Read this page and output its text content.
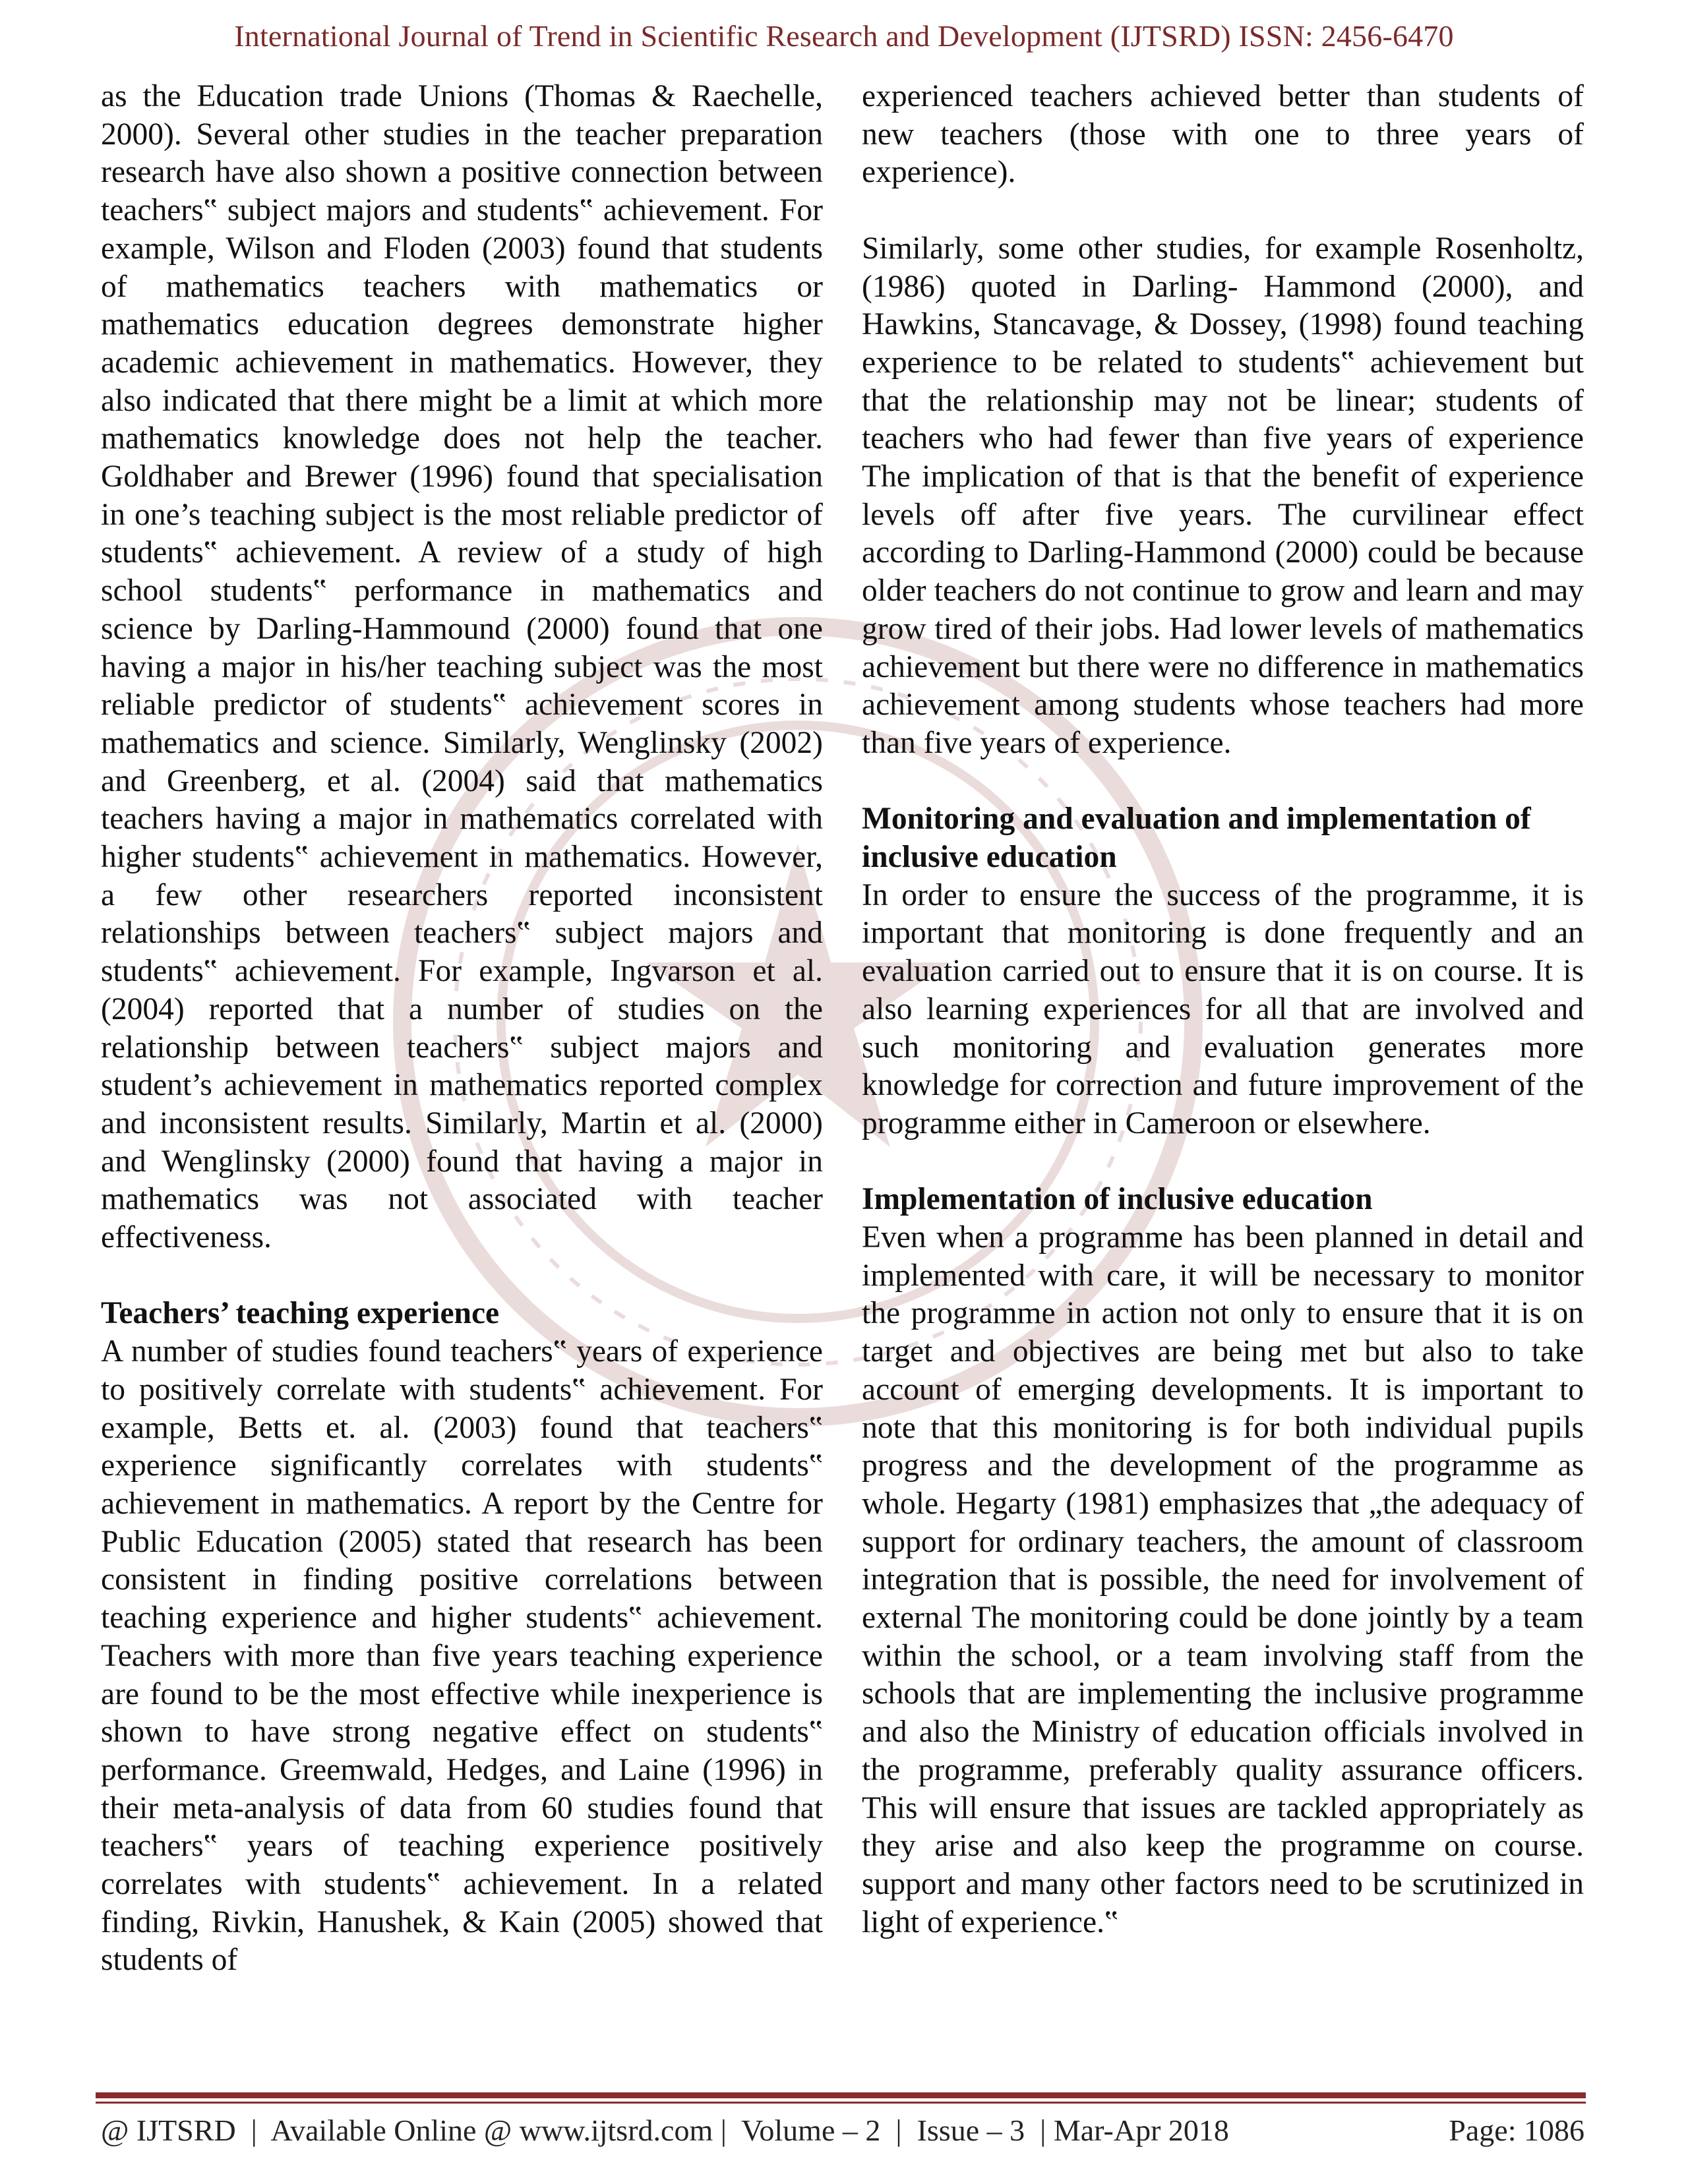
International Journal of Trend in Scientific Research and Development (IJTSRD) ISSN: 2456-6470

as the Education trade Unions (Thomas & Raechelle, 2000). Several other studies in the teacher preparation research have also shown a positive connection between teachers‟ subject majors and students‟ achievement. For example, Wilson and Floden (2003) found that students of mathematics teachers with mathematics or mathematics education degrees demonstrate higher academic achievement in mathematics. However, they also indicated that there might be a limit at which more mathematics knowledge does not help the teacher. Goldhaber and Brewer (1996) found that specialisation in one’s teaching subject is the most reliable predictor of students‟ achievement. A review of a study of high school students‟ performance in mathematics and science by Darling-Hammound (2000) found that one having a major in his/her teaching subject was the most reliable predictor of students‟ achievement scores in mathematics and science. Similarly, Wenglinsky (2002) and Greenberg, et al. (2004) said that mathematics teachers having a major in mathematics correlated with higher students‟ achievement in mathematics. However, a few other researchers reported inconsistent relationships between teachers‟ subject majors and students‟ achievement. For example, Ingvarson et al. (2004) reported that a number of studies on the relationship between teachers‟ subject majors and student’s achievement in mathematics reported complex and inconsistent results. Similarly, Martin et al. (2000) and Wenglinsky (2000) found that having a major in mathematics was not associated with teacher effectiveness.

Teachers’ teaching experience

A number of studies found teachers‟ years of experience to positively correlate with students‟ achievement. For example, Betts et. al. (2003) found that teachers‟ experience significantly correlates with students‟ achievement in mathematics. A report by the Centre for Public Education (2005) stated that research has been consistent in finding positive correlations between teaching experience and higher students‟ achievement. Teachers with more than five years teaching experience are found to be the most effective while inexperience is shown to have strong negative effect on students‟ performance. Greemwald, Hedges, and Laine (1996) in their meta-analysis of data from 60 studies found that teachers‟ years of teaching experience positively correlates with students‟ achievement. In a related finding, Rivkin, Hanushek, & Kain (2005) showed that students of

experienced teachers achieved better than students of new teachers (those with one to three years of experience).

Similarly, some other studies, for example Rosenholtz, (1986) quoted in Darling- Hammond (2000), and Hawkins, Stancavage, & Dossey, (1998) found teaching experience to be related to students‟ achievement but that the relationship may not be linear; students of teachers who had fewer than five years of experience The implication of that is that the benefit of experience levels off after five years. The curvilinear effect according to Darling-Hammond (2000) could be because older teachers do not continue to grow and learn and may grow tired of their jobs. Had lower levels of mathematics achievement but there were no difference in mathematics achievement among students whose teachers had more than five years of experience.

Monitoring and evaluation and implementation of inclusive education

In order to ensure the success of the programme, it is important that monitoring is done frequently and an evaluation carried out to ensure that it is on course. It is also learning experiences for all that are involved and such monitoring and evaluation generates more knowledge for correction and future improvement of the programme either in Cameroon or elsewhere.

Implementation of inclusive education

Even when a programme has been planned in detail and implemented with care, it will be necessary to monitor the programme in action not only to ensure that it is on target and objectives are being met but also to take account of emerging developments. It is important to note that this monitoring is for both individual pupils progress and the development of the programme as whole. Hegarty (1981) emphasizes that „the adequacy of support for ordinary teachers, the amount of classroom integration that is possible, the need for involvement of external The monitoring could be done jointly by a team within the school, or a team involving staff from the schools that are implementing the inclusive programme and also the Ministry of education officials involved in the programme, preferably quality assurance officers. This will ensure that issues are tackled appropriately as they arise and also keep the programme on course. support and many other factors need to be scrutinized in light of experience.‟

@ IJTSRD  |  Available Online @ www.ijtsrd.com |  Volume – 2  |  Issue – 3  | Mar-Apr 2018	Page: 1086
